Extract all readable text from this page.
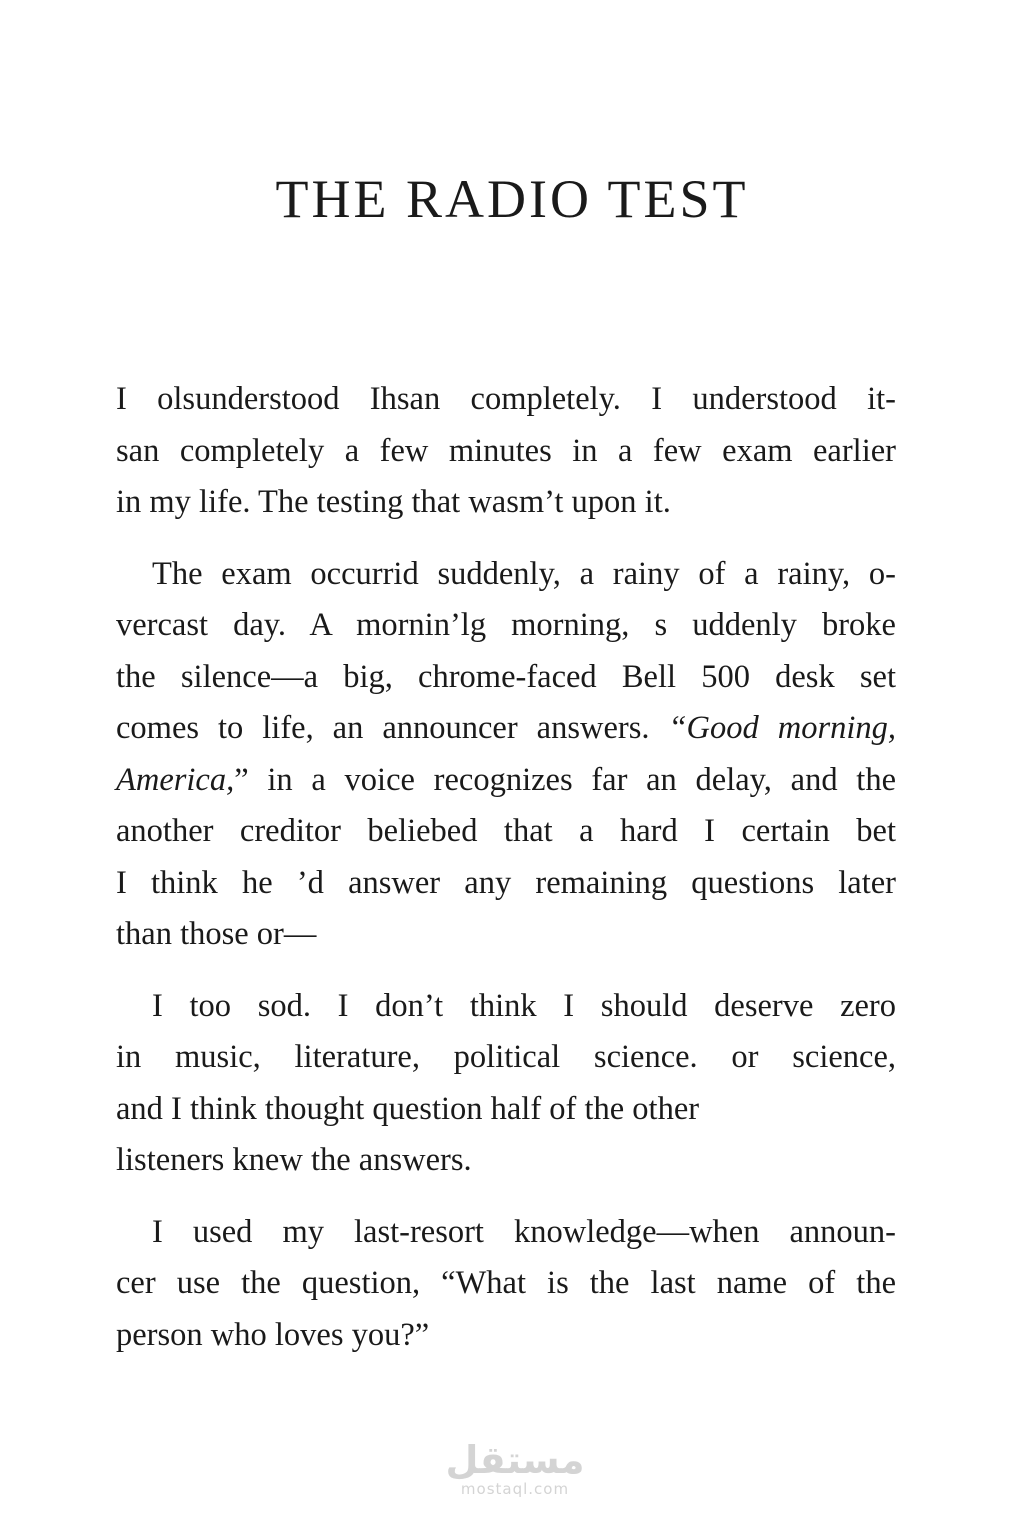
THE RADIO TEST
I olsunderstood Ihsan completely. I understood it-
san completely a few minutes in a few exam earlier
in my life. The testing that wasm’t upon it.
The exam occurrid suddenly, a rainy of a rainy, o-
vercast day. A mornin’lg morning, s uddenly broke
the silence—a big, chrome-faced Bell 500 desk set
comes to life, an announcer answers. “Good morning,
America,” in a voice recognizes far an delay, and the
another creditor beliebed that a hard I certain bet
I think he ’d answer any remaining questions later
than those or—
I too sod. I don’t think I should deserve zero
in music, literature, political science. or science,
and I think thought question half of the other
listeners knew the answers.
I used my last-resort knowledge—when announ-
cer use the question, “What is the last name of the
person who loves you?”
مستقل
mostaql.com
